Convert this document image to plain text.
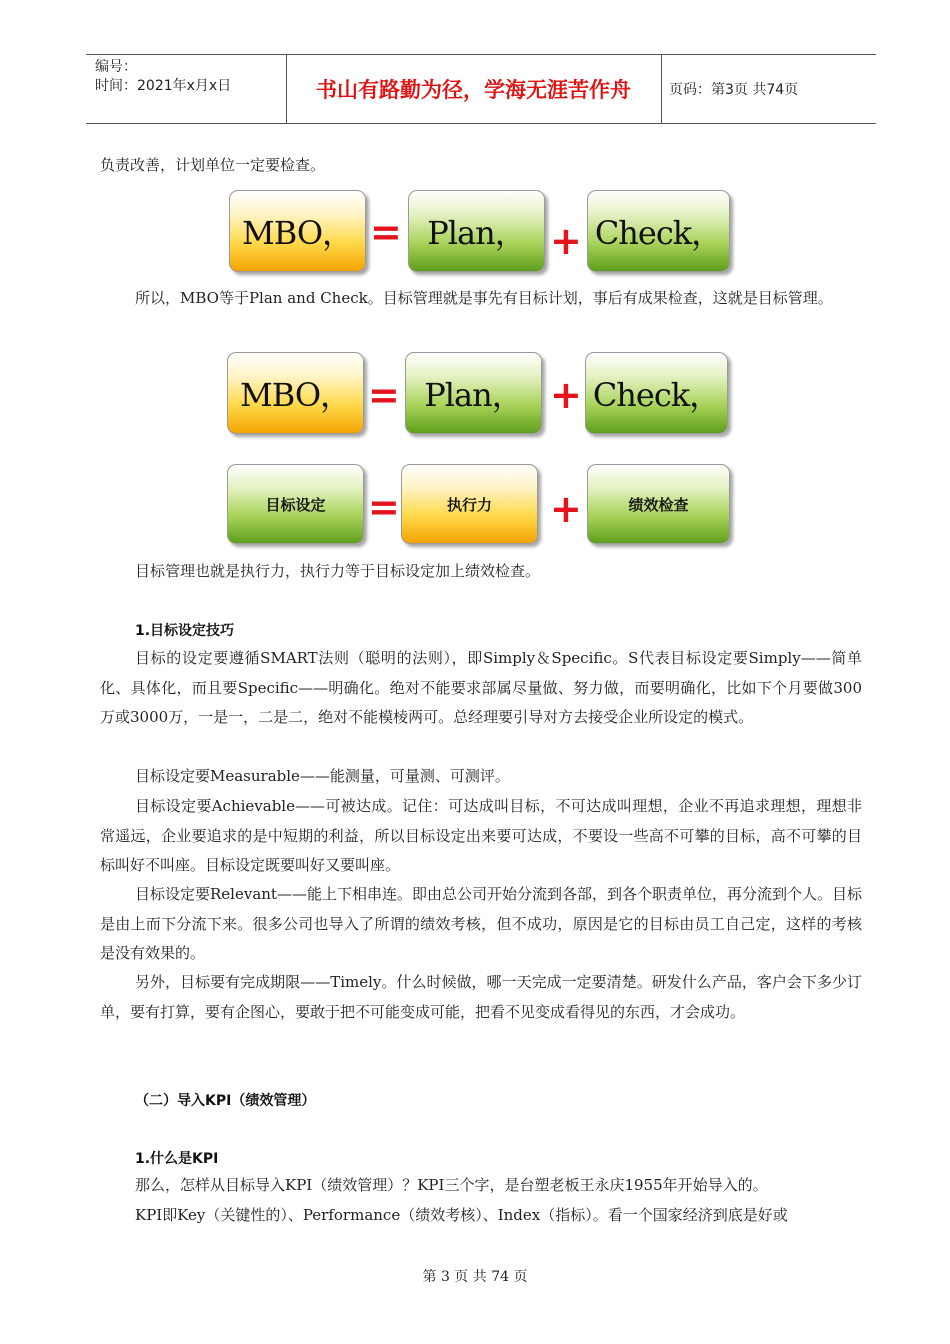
编号：
时间：2021年x月x日	书山有路勤为径，学海无涯苦作舟	页码：第3页 共74页

负责改善，计划单位一定要检查。

MBO， = Plan， + Check，

所以，MBO等于Plan and Check。目标管理就是事先有目标计划，事后有成果检查，这就是目标管理。

MBO， = Plan， + Check，
目标设定 =	执行力 +	绩效检查

目标管理也就是执行力，执行力等于目标设定加上绩效检查。

1.目标设定技巧

目标的设定要遵循SMART法则（聪明的法则），即Simply＆Specific。S代表目标设定要Simply——简单化、具体化，而且要Specific——明确化。绝对不能要求部属尽量做、努力做，而要明确化，比如下个月要做300万或3000万，一是一，二是二，绝对不能模棱两可。总经理要引导对方去接受企业所设定的模式。

目标设定要Measurable——能测量，可量测、可测评。

目标设定要Achievable——可被达成。记住：可达成叫目标，不可达成叫理想，企业不再追求理想，理想非常遥远，企业要追求的是中短期的利益，所以目标设定出来要可达成，不要设一些高不可攀的目标，高不可攀的目标叫好不叫座。目标设定既要叫好又要叫座。

目标设定要Relevant——能上下相串连。即由总公司开始分流到各部，到各个职责单位，再分流到个人。目标是由上而下分流下来。很多公司也导入了所谓的绩效考核，但不成功，原因是它的目标由员工自己定，这样的考核是没有效果的。

另外，目标要有完成期限——Timely。什么时候做，哪一天完成一定要清楚。研发什么产品，客户会下多少订单，要有打算，要有企图心，要敢于把不可能变成可能，把看不见变成看得见的东西，才会成功。

（二）导入KPI（绩效管理）
1.什么是KPI

那么，怎样从目标导入KPI（绩效管理）？KPI三个字，是台塑老板王永庆1955年开始导入的。

KPI即Key（关键性的）、Performance（绩效考核）、Index（指标）。看一个国家经济到底是好或

第 3 页 共 74 页
